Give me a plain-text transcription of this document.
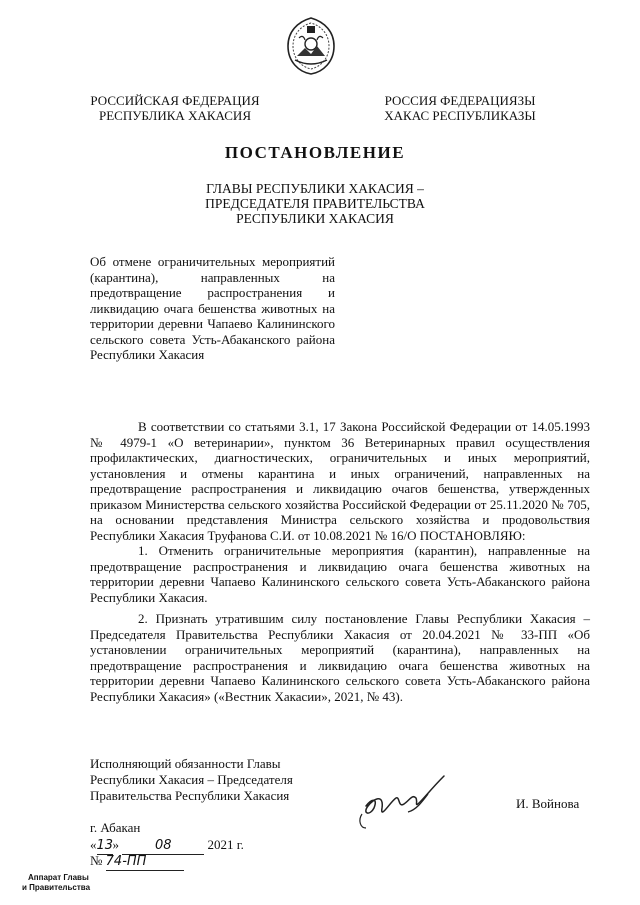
РОССИЙСКАЯ ФЕДЕРАЦИЯ
РЕСПУБЛИКА ХАКАСИЯ
РОССИЯ ФЕДЕРАЦИЯЗЫ
ХАКАС РЕСПУБЛИКАЗЫ
ПОСТАНОВЛЕНИЕ
ГЛАВЫ РЕСПУБЛИКИ ХАКАСИЯ –
ПРЕДСЕДАТЕЛЯ ПРАВИТЕЛЬСТВА
РЕСПУБЛИКИ ХАКАСИЯ

Об отмене ограничительных мероприятий (карантина), направленных на предотвращение распространения и ликвидацию очага бешенства животных на территории деревни Чапаево Калининского сельского совета Усть-Абаканского района Республики Хакасия

В соответствии со статьями 3.1, 17 Закона Российской Федерации от 14.05.1993 № 4979-1 «О ветеринарии», пунктом 36 Ветеринарных правил осуществления профилактических, диагностических, ограничительных и иных мероприятий, установления и отмены карантина и иных ограничений, направленных на предотвращение распространения и ликвидацию очагов бешенства, утвержденных приказом Министерства сельского хозяйства Российской Федерации от 25.11.2020 № 705, на основании представления Министра сельского хозяйства и продовольствия Республики Хакасия Труфанова С.И. от 10.08.2021 № 16/О ПОСТАНОВЛЯЮ:

1. Отменить ограничительные мероприятия (карантин), направленные на предотвращение распространения и ликвидацию очага бешенства животных на территории деревни Чапаево Калининского сельского совета Усть-Абаканского района Республики Хакасия.

2. Признать утратившим силу постановление Главы Республики Хакасия – Председателя Правительства Республики Хакасия от 20.04.2021 № 33-ПП «Об установлении ограничительных мероприятий (карантина), направленных на предотвращение распространения и ликвидацию очага бешенства животных на территории деревни Чапаево Калининского сельского совета Усть-Абаканского района Республики Хакасия» («Вестник Хакасии», 2021, № 43).

Исполняющий обязанности Главы
Республики Хакасия – Председателя
Правительства Республики Хакасия
И. Войнова
г. Абакан
«13»	08	2021 г.
№ 74-ПП
Аппарат Главы
и Правительства
